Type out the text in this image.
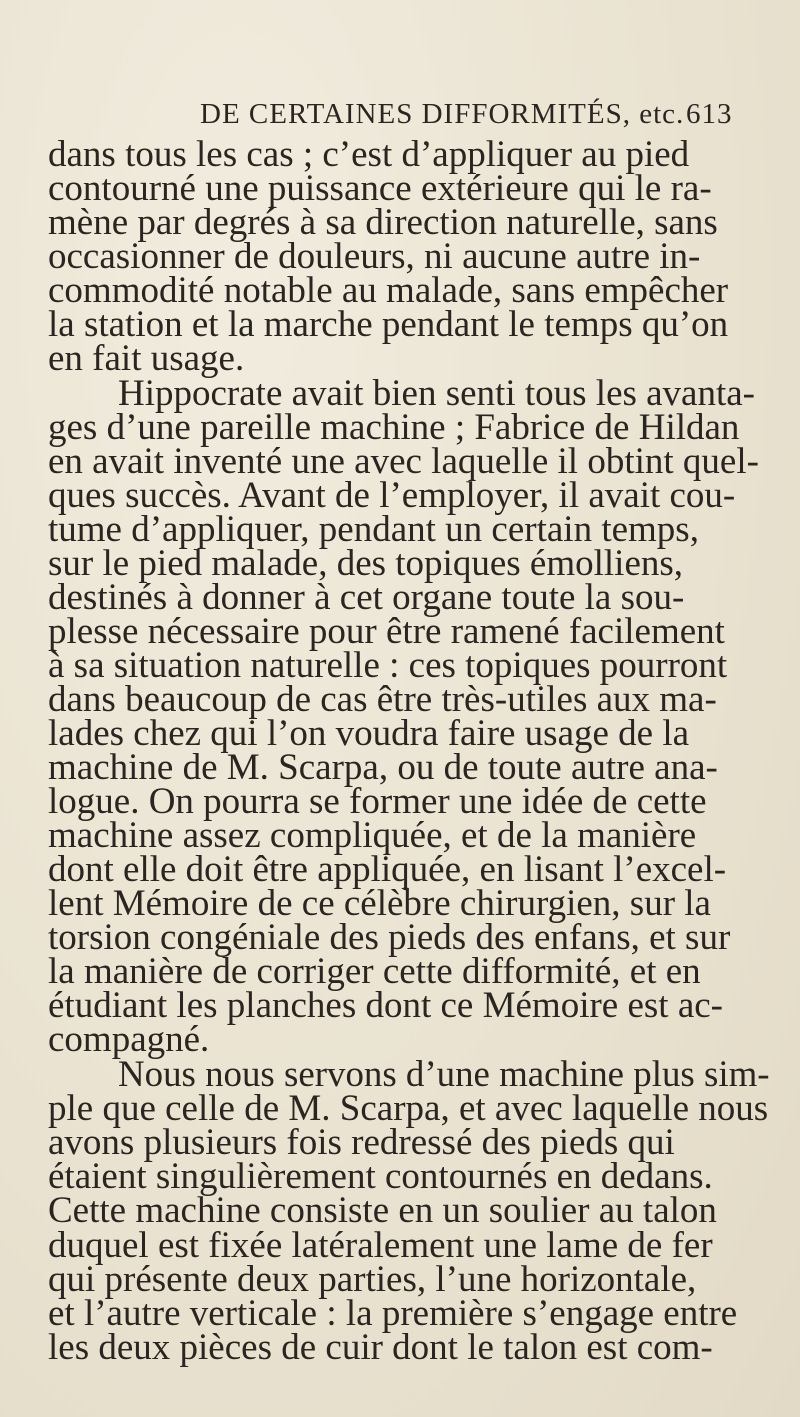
DE CERTAINES DIFFORMITÉS, etc. 613
dans tous les cas ; c’est d’appliquer au pied
contourné une puissance extérieure qui le ra-
mène par degrés à sa direction naturelle, sans
occasionner de douleurs, ni aucune autre in-
commodité notable au malade, sans empêcher
la station et la marche pendant le temps qu’on
en fait usage.
Hippocrate avait bien senti tous les avanta-
ges d’une pareille machine ; Fabrice de Hildan
en avait inventé une avec laquelle il obtint quel-
ques succès. Avant de l’employer, il avait cou-
tume d’appliquer, pendant un certain temps,
sur le pied malade, des topiques émolliens,
destinés à donner à cet organe toute la sou-
plesse nécessaire pour être ramené facilement
à sa situation naturelle : ces topiques pourront
dans beaucoup de cas être très-utiles aux ma-
lades chez qui l’on voudra faire usage de la
machine de M. Scarpa, ou de toute autre ana-
logue. On pourra se former une idée de cette
machine assez compliquée, et de la manière
dont elle doit être appliquée, en lisant l’excel-
lent Mémoire de ce célèbre chirurgien, sur la
torsion congéniale des pieds des enfans, et sur
la manière de corriger cette difformité, et en
étudiant les planches dont ce Mémoire est ac-
compagné.
Nous nous servons d’une machine plus sim-
ple que celle de M. Scarpa, et avec laquelle nous
avons plusieurs fois redressé des pieds qui
étaient singulièrement contournés en dedans.
Cette machine consiste en un soulier au talon
duquel est fixée latéralement une lame de fer
qui présente deux parties, l’une horizontale,
et l’autre verticale : la première s’engage entre
les deux pièces de cuir dont le talon est com-
